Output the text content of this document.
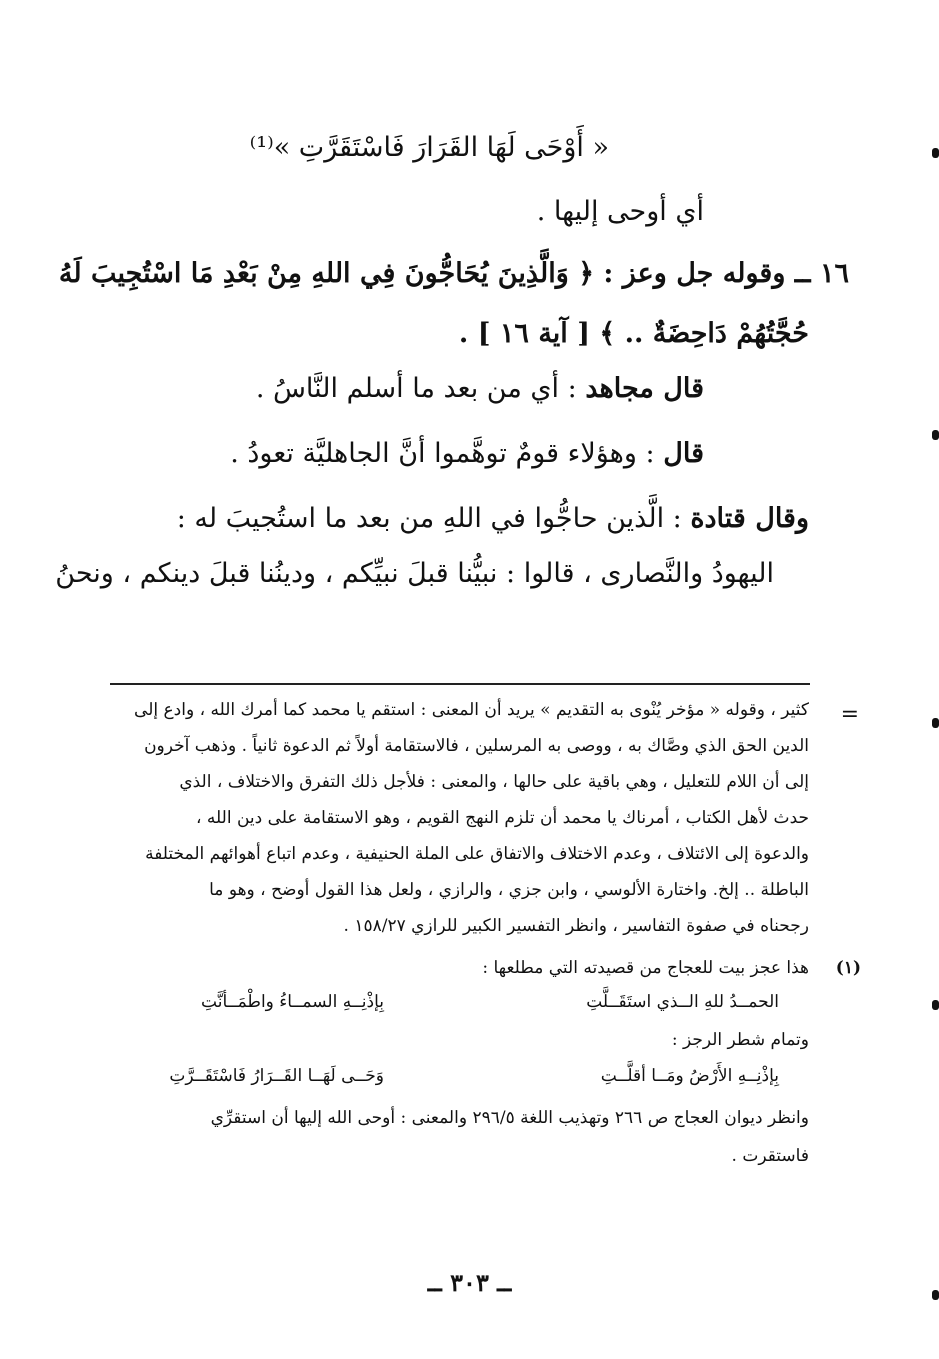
« أَوْحَى لَهَا القَرَارَ فَاسْتَقَرَّتِ »⁽¹⁾
أي أوحى إليها .
١٦ ــ وقوله جل وعز : ﴿ وَالَّذِينَ يُحَاجُّونَ فِي اللهِ مِنْ بَعْدِ مَا اسْتُجِيبَ لَهُ
حُجَّتُهُمْ دَاحِضَةٌ .. ﴾ [ آية ١٦ ] .
قال مجاهد : أي من بعد ما أسلم النَّاسُ .
قال : وهؤلاء قومٌ توهَّموا أنَّ الجاهليَّة تعودُ .
وقال قتادة : الَّذين حاجُّوا في اللهِ من بعد ما استُجيبَ له :
اليهودُ والنَّصارى ، قالوا : نبيُّنا قبلَ نبيِّكم ، ودينُنا قبلَ دينكم ، ونحنُ
=
كثير ، وقوله « مؤخر يُنْوى به التقديم » يريد أن المعنى : استقم يا محمد كما أمرك الله ، وادع إلى
الدين الحق الذي وصَّاك به ، ووصى به المرسلين ، فالاستقامة أولاً ثم الدعوة ثانياً . وذهب آخرون
إلى أن اللام للتعليل ، وهي باقية على حالها ، والمعنى : فلأجل ذلك التفرق والاختلاف ، الذي
حدث لأهل الكتاب ، أمرناك يا محمد أن تلزم النهج القويم ، وهو الاستقامة على دين الله ،
والدعوة إلى الائتلاف ، وعدم الاختلاف والاتفاق على الملة الحنيفية ، وعدم اتباع أهوائهم المختلفة
الباطلة .. إلخ. واختارة الألوسي ، وابن جزي ، والرازي ، ولعل هذا القول أوضح ، وهو ما
رجحناه في صفوة التفاسير ، وانظر التفسير الكبير للرازي ١٥٨/٢٧ .
(١)
هذا عجز بيت للعجاج من قصيدته التي مطلعها :
الحمــدُ للهِ الــذي استَقَــلَّتِ
بِإذْنِــهِ السمــاءُ واطْمَــأنَّتِ
وتمام شطر الرجز :
بِإذْنِــهِ الأَرْضُ ومَــا أقلَّــتِ
وَحَــى لَهَــا القَــرَارُ فَاسْتَقَــرَّتِ
وانظر ديوان العجاج ص ٢٦٦ وتهذيب اللغة ٢٩٦/٥ والمعنى : أوحى الله إليها أن استقرِّي
فاستقرت .
ــ ٣٠٣ ــ
